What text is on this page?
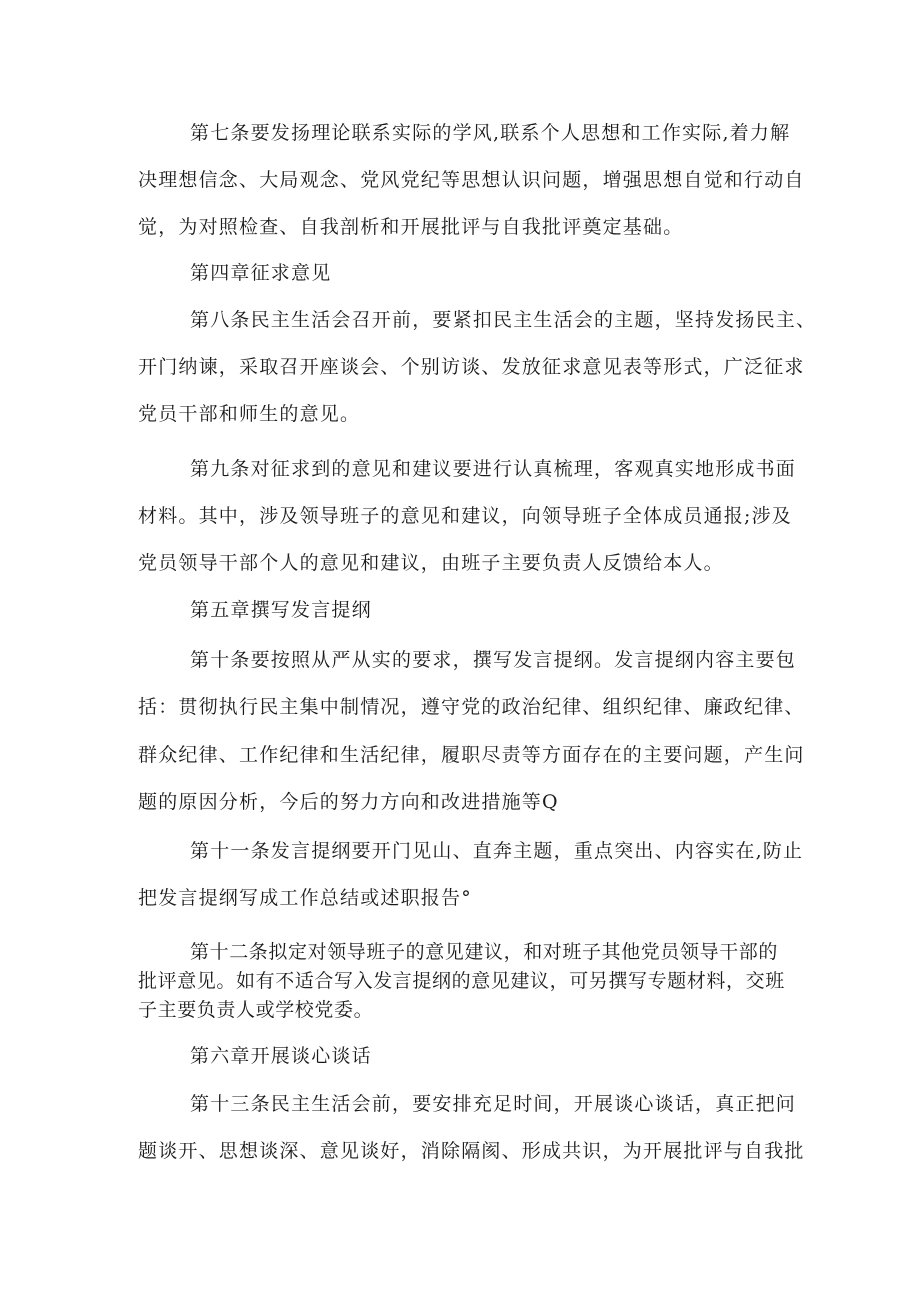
第七条要发扬理论联系实际的学风,联系个人思想和工作实际,着力解
决理想信念、大局观念、党风党纪等思想认识问题，增强思想自觉和行动自
觉，为对照检查、自我剖析和开展批评与自我批评奠定基础。
第四章征求意见
第八条民主生活会召开前，要紧扣民主生活会的主题，坚持发扬民主、
开门纳谏，采取召开座谈会、个别访谈、发放征求意见表等形式，广泛征求
党员干部和师生的意见。
第九条对征求到的意见和建议要进行认真梳理，客观真实地形成书面
材料。其中，涉及领导班子的意见和建议，向领导班子全体成员通报;涉及
党员领导干部个人的意见和建议，由班子主要负责人反馈给本人。
第五章撰写发言提纲
第十条要按照从严从实的要求，撰写发言提纲。发言提纲内容主要包
括：贯彻执行民主集中制情况，遵守党的政治纪律、组织纪律、廉政纪律、
群众纪律、工作纪律和生活纪律，履职尽责等方面存在的主要问题，产生问
题的原因分析，今后的努力方向和改进措施等Q
第十一条发言提纲要开门见山、直奔主题，重点突出、内容实在,防止
把发言提纲写成工作总结或述职报告°
第十二条拟定对领导班子的意见建议，和对班子其他党员领导干部的
批评意见。如有不适合写入发言提纲的意见建议，可另撰写专题材料，交班
子主要负责人或学校党委。
第六章开展谈心谈话
第十三条民主生活会前，要安排充足时间，开展谈心谈话，真正把问
题谈开、思想谈深、意见谈好，消除隔阂、形成共识，为开展批评与自我批
